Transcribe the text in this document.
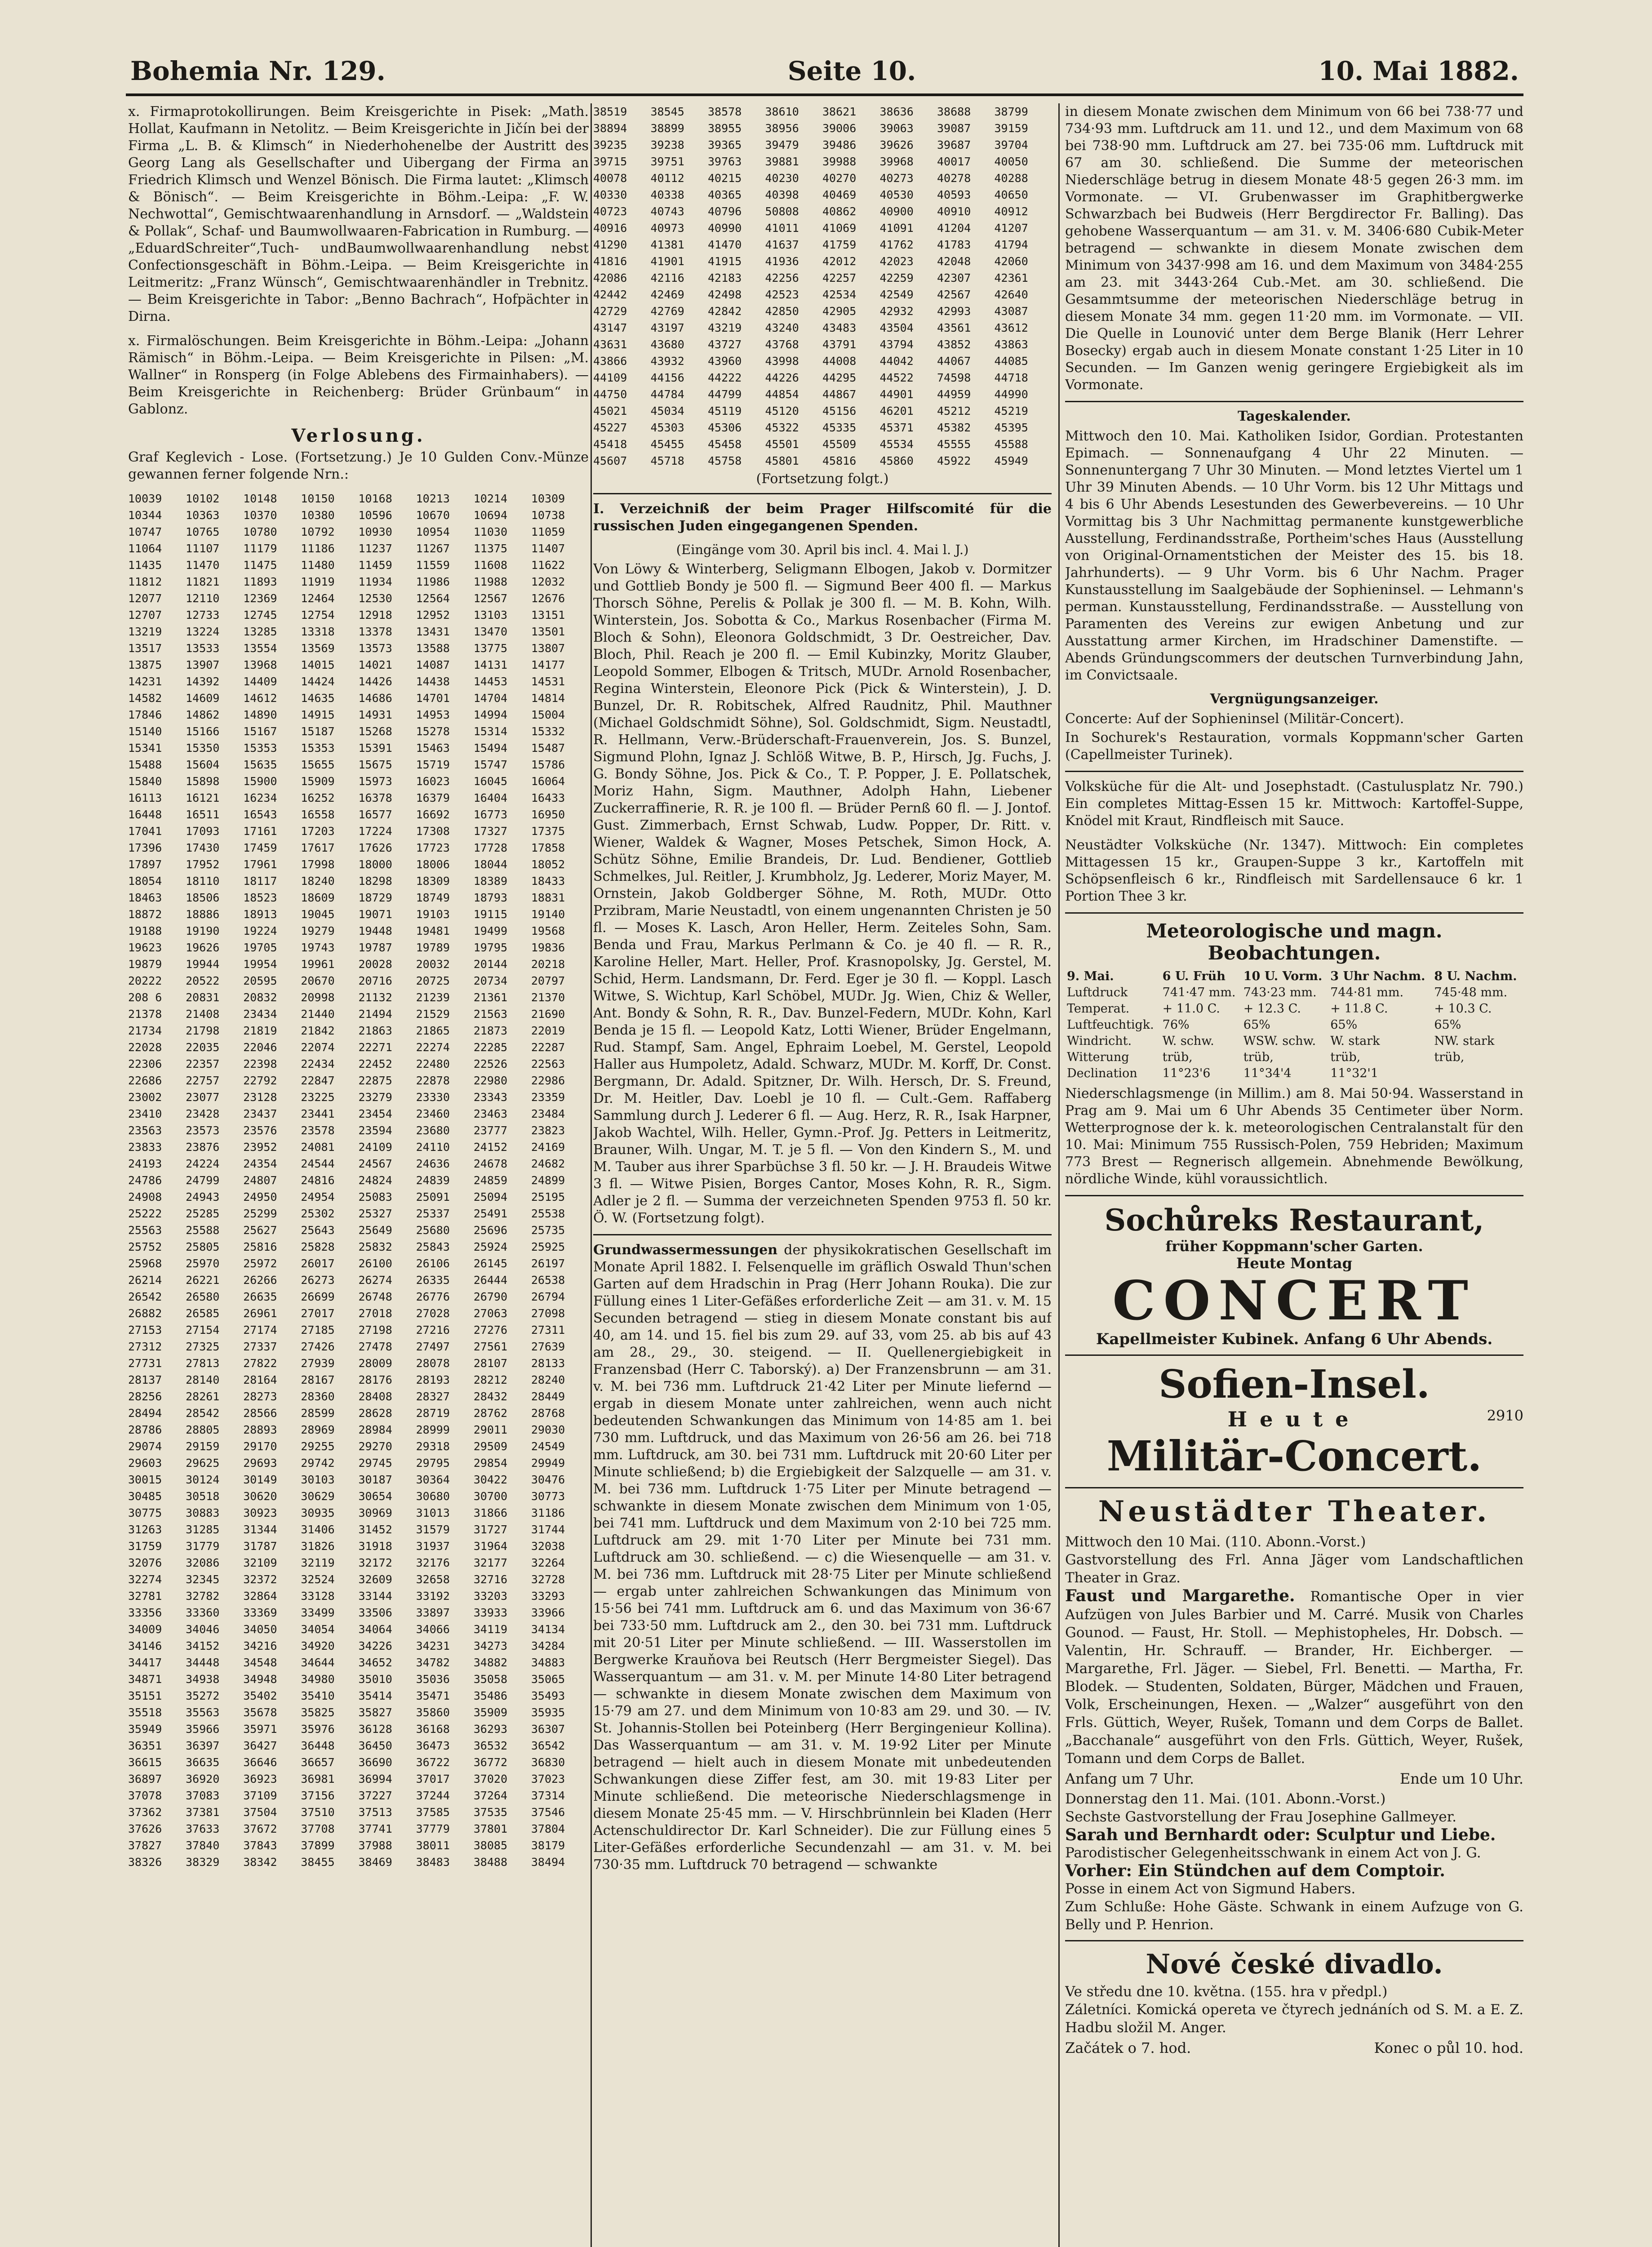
Bohemia Nr. 129.	Seite 10.	10. Mai 1882.

x. Firmaprotokollirungen. Beim Kreisgerichte in Pisek: „Math. Hollat, Kaufmann in Netolitz. — Beim Kreisgerichte in Jičín bei der Firma „L. B. & Klimsch“ in Niederhohenelbe der Austritt des Georg Lang als Gesellschafter und Uibergang der Firma an Friedrich Klimsch und Wenzel Bönisch. Die Firma lautet: „Klimsch & Bönisch“. — Beim Kreisgerichte in Böhm.-Leipa: „F. W. Nechwottal“, Gemischtwaarenhandlung in Arnsdorf. — „Waldstein & Pollak“, Schaf- und Baumwollwaaren-Fabrication in Rumburg. — „EduardSchreiter“,Tuch- undBaumwollwaarenhandlung nebst Confectionsgeschäft in Böhm.-Leipa. — Beim Kreisgerichte in Leitmeritz: „Franz Wünsch“, Gemischtwaarenhändler in Trebnitz. — Beim Kreisgerichte in Tabor: „Benno Bachrach“, Hofpächter in Dirna.

x. Firmalöschungen. Beim Kreisgerichte in Böhm.-Leipa: „Johann Rämisch“ in Böhm.-Leipa. — Beim Kreisgerichte in Pilsen: „M. Wallner“ in Ronsperg (in Folge Ablebens des Firmainhabers). — Beim Kreisgerichte in Reichenberg: Brüder Grünbaum“ in Gablonz.

Verlosung.

Graf Keglevich - Lose. (Fortsetzung.) Je 10 Gulden Conv.-Münze gewannen ferner folgende Nrn.:

10039	10102	10148	10150	10168	10213	10214	10309
10344	10363	10370	10380	10596	10670	10694	10738
10747	10765	10780	10792	10930	10954	11030	11059
11064	11107	11179	11186	11237	11267	11375	11407
11435	11470	11475	11480	11459	11559	11608	11622
11812	11821	11893	11919	11934	11986	11988	12032
12077	12110	12369	12464	12530	12564	12567	12676
12707	12733	12745	12754	12918	12952	13103	13151
13219	13224	13285	13318	13378	13431	13470	13501
13517	13533	13554	13569	13573	13588	13775	13807
13875	13907	13968	14015	14021	14087	14131	14177
14231	14392	14409	14424	14426	14438	14453	14531
14582	14609	14612	14635	14686	14701	14704	14814
17846	14862	14890	14915	14931	14953	14994	15004
15140	15166	15167	15187	15268	15278	15314	15332
15341	15350	15353	15353	15391	15463	15494	15487
15488	15604	15635	15655	15675	15719	15747	15786
15840	15898	15900	15909	15973	16023	16045	16064
16113	16121	16234	16252	16378	16379	16404	16433
16448	16511	16543	16558	16577	16692	16773	16950
17041	17093	17161	17203	17224	17308	17327	17375
17396	17430	17459	17617	17626	17723	17728	17858
17897	17952	17961	17998	18000	18006	18044	18052
18054	18110	18117	18240	18298	18309	18389	18433
18463	18506	18523	18609	18729	18749	18793	18831
18872	18886	18913	19045	19071	19103	19115	19140
19188	19190	19224	19279	19448	19481	19499	19568
19623	19626	19705	19743	19787	19789	19795	19836
19879	19944	19954	19961	20028	20032	20144	20218
20222	20522	20595	20670	20716	20725	20734	20797
208 6	20831	20832	20998	21132	21239	21361	21370
21378	21408	23434	21440	21494	21529	21563	21690
21734	21798	21819	21842	21863	21865	21873	22019
22028	22035	22046	22074	22271	22274	22285	22287
22306	22357	22398	22434	22452	22480	22526	22563
22686	22757	22792	22847	22875	22878	22980	22986
23002	23077	23128	23225	23279	23330	23343	23359
23410	23428	23437	23441	23454	23460	23463	23484
23563	23573	23576	23578	23594	23680	23777	23823
23833	23876	23952	24081	24109	24110	24152	24169
24193	24224	24354	24544	24567	24636	24678	24682
24786	24799	24807	24816	24824	24839	24859	24899
24908	24943	24950	24954	25083	25091	25094	25195
25222	25285	25299	25302	25327	25337	25491	25538
25563	25588	25627	25643	25649	25680	25696	25735
25752	25805	25816	25828	25832	25843	25924	25925
25968	25970	25972	26017	26100	26106	26145	26197
26214	26221	26266	26273	26274	26335	26444	26538
26542	26580	26635	26699	26748	26776	26790	26794
26882	26585	26961	27017	27018	27028	27063	27098
27153	27154	27174	27185	27198	27216	27276	27311
27312	27325	27337	27426	27478	27497	27561	27639
27731	27813	27822	27939	28009	28078	28107	28133
28137	28140	28164	28167	28176	28193	28212	28240
28256	28261	28273	28360	28408	28327	28432	28449
28494	28542	28566	28599	28628	28719	28762	28768
28786	28805	28893	28969	28984	28999	29011	29030
29074	29159	29170	29255	29270	29318	29509	24549
29603	29625	29693	29742	29745	29795	29854	29949
30015	30124	30149	30103	30187	30364	30422	30476
30485	30518	30620	30629	30654	30680	30700	30773
30775	30883	30923	30935	30969	31013	31866	31186
31263	31285	31344	31406	31452	31579	31727	31744
31759	31779	31787	31826	31918	31937	31964	32038
32076	32086	32109	32119	32172	32176	32177	32264
32274	32345	32372	32524	32609	32658	32716	32728
32781	32782	32864	33128	33144	33192	33203	33293
33356	33360	33369	33499	33506	33897	33933	33966
34009	34046	34050	34054	34064	34066	34119	34134
34146	34152	34216	34920	34226	34231	34273	34284
34417	34448	34548	34644	34652	34782	34882	34883
34871	34938	34948	34980	35010	35036	35058	35065
35151	35272	35402	35410	35414	35471	35486	35493
35518	35563	35678	35825	35827	35860	35909	35935
35949	35966	35971	35976	36128	36168	36293	36307
36351	36397	36427	36448	36450	36473	36532	36542
36615	36635	36646	36657	36690	36722	36772	36830
36897	36920	36923	36981	36994	37017	37020	37023
37078	37083	37109	37156	37227	37244	37264	37314
37362	37381	37504	37510	37513	37585	37535	37546
37626	37633	37672	37708	37741	37779	37801	37804
37827	37840	37843	37899	37988	38011	38085	38179
38326	38329	38342	38455	38469	38483	38488	38494
38519	38545	38578	38610	38621	38636	38688	38799
38894	38899	38955	38956	39006	39063	39087	39159
39235	39238	39365	39479	39486	39626	39687	39704
39715	39751	39763	39881	39988	39968	40017	40050
40078	40112	40215	40230	40270	40273	40278	40288
40330	40338	40365	40398	40469	40530	40593	40650
40723	40743	40796	50808	40862	40900	40910	40912
40916	40973	40990	41011	41069	41091	41204	41207
41290	41381	41470	41637	41759	41762	41783	41794
41816	41901	41915	41936	42012	42023	42048	42060
42086	42116	42183	42256	42257	42259	42307	42361
42442	42469	42498	42523	42534	42549	42567	42640
42729	42769	42842	42850	42905	42932	42993	43087
43147	43197	43219	43240	43483	43504	43561	43612
43631	43680	43727	43768	43791	43794	43852	43863
43866	43932	43960	43998	44008	44042	44067	44085
44109	44156	44222	44226	44295	44522	74598	44718
44750	44784	44799	44854	44867	44901	44959	44990
45021	45034	45119	45120	45156	46201	45212	45219
45227	45303	45306	45322	45335	45371	45382	45395
45418	45455	45458	45501	45509	45534	45555	45588
45607	45718	45758	45801	45816	45860	45922	45949
(Fortsetzung folgt.)

I. Verzeichniß der beim Prager Hilfscomité für die russischen Juden eingegangenen Spenden.

(Eingänge vom 30. April bis incl. 4. Mai l. J.)

Von Löwy & Winterberg, Seligmann Elbogen, Jakob v. Dormitzer und Gottlieb Bondy je 500 fl. — Sigmund Beer 400 fl. — Markus Thorsch Söhne, Perelis & Pollak je 300 fl. — M. B. Kohn, Wilh. Winterstein, Jos. Sobotta & Co., Markus Rosenbacher (Firma M. Bloch & Sohn), Eleonora Goldschmidt, 3 Dr. Oestreicher, Dav. Bloch, Phil. Reach je 200 fl. — Emil Kubinzky, Moritz Glauber, Leopold Sommer, Elbogen & Tritsch, MUDr. Arnold Rosenbacher, Regina Winterstein, Eleonore Pick (Pick & Winterstein), J. D. Bunzel, Dr. R. Robitschek, Alfred Raudnitz, Phil. Mauthner (Michael Goldschmidt Söhne), Sol. Goldschmidt, Sigm. Neustadtl, R. Hellmann, Verw.-Brüderschaft-Frauenverein, Jos. S. Bunzel, Sigmund Plohn, Ignaz J. Schlöß Witwe, B. P., Hirsch, Jg. Fuchs, J. G. Bondy Söhne, Jos. Pick & Co., T. P. Popper, J. E. Pollatschek, Moriz Hahn, Sigm. Mauthner, Adolph Hahn, Liebener Zuckerraffinerie, R. R. je 100 fl. — Brüder Pernß 60 fl. — J. Jontof. Gust. Zimmerbach, Ernst Schwab, Ludw. Popper, Dr. Ritt. v. Wiener, Waldek & Wagner, Moses Petschek, Simon Hock, A. Schütz Söhne, Emilie Brandeis, Dr. Lud. Bendiener, Gottlieb Schmelkes, Jul. Reitler, J. Krumbholz, Jg. Lederer, Moriz Mayer, M. Ornstein, Jakob Goldberger Söhne, M. Roth, MUDr. Otto Przibram, Marie Neustadtl, von einem ungenannten Christen je 50 fl. — Moses K. Lasch, Aron Heller, Herm. Zeiteles Sohn, Sam. Benda und Frau, Markus Perlmann & Co. je 40 fl. — R. R., Karoline Heller, Mart. Heller, Prof. Krasnopolsky, Jg. Gerstel, M. Schid, Herm. Landsmann, Dr. Ferd. Eger je 30 fl. — Koppl. Lasch Witwe, S. Wichtup, Karl Schöbel, MUDr. Jg. Wien, Chiz & Weller, Ant. Bondy & Sohn, R. R., Dav. Bunzel-Federn, MUDr. Kohn, Karl Benda je 15 fl. — Leopold Katz, Lotti Wiener, Brüder Engelmann, Rud. Stampf, Sam. Angel, Ephraim Loebel, M. Gerstel, Leopold Haller aus Humpoletz, Adald. Schwarz, MUDr. M. Korff, Dr. Const. Bergmann, Dr. Adald. Spitzner, Dr. Wilh. Hersch, Dr. S. Freund, Dr. M. Heitler, Dav. Loebl je 10 fl. — Cult.-Gem. Raffaberg Sammlung durch J. Lederer 6 fl. — Aug. Herz, R. R., Isak Harpner, Jakob Wachtel, Wilh. Heller, Gymn.-Prof. Jg. Petters in Leitmeritz, Brauner, Wilh. Ungar, M. T. je 5 fl. — Von den Kindern S., M. und M. Tauber aus ihrer Sparbüchse 3 fl. 50 kr. — J. H. Braudeis Witwe 3 fl. — Witwe Pisien, Borges Cantor, Moses Kohn, R. R., Sigm. Adler je 2 fl. — Summa der verzeichneten Spenden 9753 fl. 50 kr. Ö. W. (Fortsetzung folgt).

Grundwassermessungen der physikokratischen Gesellschaft im Monate April 1882. I. Felsenquelle im gräflich Oswald Thun'schen Garten auf dem Hradschin in Prag (Herr Johann Rouka). Die zur Füllung eines 1 Liter-Gefäßes erforderliche Zeit — am 31. v. M. 15 Secunden betragend — stieg in diesem Monate constant bis auf 40, am 14. und 15. fiel bis zum 29. auf 33, vom 25. ab bis auf 43 am 28., 29., 30. steigend. — II. Quellenergiebigkeit in Franzensbad (Herr C. Taborský). a) Der Franzensbrunn — am 31. v. M. bei 736 mm. Luftdruck 21·42 Liter per Minute liefernd — ergab in diesem Monate unter zahlreichen, wenn auch nicht bedeutenden Schwankungen das Minimum von 14·85 am 1. bei 730 mm. Luftdruck, und das Maximum von 26·56 am 26. bei 718 mm. Luftdruck, am 30. bei 731 mm. Luftdruck mit 20·60 Liter per Minute schließend; b) die Ergiebigkeit der Salzquelle — am 31. v. M. bei 736 mm. Luftdruck 1·75 Liter per Minute betragend — schwankte in diesem Monate zwischen dem Minimum von 1·05, bei 741 mm. Luftdruck und dem Maximum von 2·10 bei 725 mm. Luftdruck am 29. mit 1·70 Liter per Minute bei 731 mm. Luftdruck am 30. schließend. — c) die Wiesenquelle — am 31. v. M. bei 736 mm. Luftdruck mit 28·75 Liter per Minute schließend — ergab unter zahlreichen Schwankungen das Minimum von 15·56 bei 741 mm. Luftdruck am 6. und das Maximum von 36·67 bei 733·50 mm. Luftdruck am 2., den 30. bei 731 mm. Luftdruck mit 20·51 Liter per Minute schließend. — III. Wasserstollen im Bergwerke Krauňova bei Reutsch (Herr Bergmeister Siegel). Das Wasserquantum — am 31. v. M. per Minute 14·80 Liter betragend — schwankte in diesem Monate zwischen dem Maximum von 15·79 am 27. und dem Minimum von 10·83 am 29. und 30. — IV. St. Johannis-Stollen bei Poteinberg (Herr Bergingenieur Kollina). Das Wasserquantum — am 31. v. M. 19·92 Liter per Minute betragend — hielt auch in diesem Monate mit unbedeutenden Schwankungen diese Ziffer fest, am 30. mit 19·83 Liter per Minute schließend. Die meteorische Niederschlagsmenge in diesem Monate 25·45 mm. — V. Hirschbrünnlein bei Kladen (Herr Actenschuldirector Dr. Karl Schneider). Die zur Füllung eines 5 Liter-Gefäßes erforderliche Secundenzahl — am 31. v. M. bei 730·35 mm. Luftdruck 70 betragend — schwankte

in diesem Monate zwischen dem Minimum von 66 bei 738·77 und 734·93 mm. Luftdruck am 11. und 12., und dem Maximum von 68 bei 738·90 mm. Luftdruck am 27. bei 735·06 mm. Luftdruck mit 67 am 30. schließend. Die Summe der meteorischen Niederschläge betrug in diesem Monate 48·5 gegen 26·3 mm. im Vormonate. — VI. Grubenwasser im Graphitbergwerke Schwarzbach bei Budweis (Herr Bergdirector Fr. Balling). Das gehobene Wasserquantum — am 31. v. M. 3406·680 Cubik-Meter betragend — schwankte in diesem Monate zwischen dem Minimum von 3437·998 am 16. und dem Maximum von 3484·255 am 23. mit 3443·264 Cub.-Met. am 30. schließend. Die Gesammtsumme der meteorischen Niederschläge betrug in diesem Monate 34 mm. gegen 11·20 mm. im Vormonate. — VII. Die Quelle in Lounović unter dem Berge Blanik (Herr Lehrer Bosecky) ergab auch in diesem Monate constant 1·25 Liter in 10 Secunden. — Im Ganzen wenig geringere Ergiebigkeit als im Vormonate.

Tageskalender.

Mittwoch den 10. Mai. Katholiken Isidor, Gordian. Protestanten Epimach. — Sonnenaufgang 4 Uhr 22 Minuten. — Sonnenuntergang 7 Uhr 30 Minuten. — Mond letztes Viertel um 1 Uhr 39 Minuten Abends. — 10 Uhr Vorm. bis 12 Uhr Mittags und 4 bis 6 Uhr Abends Lesestunden des Gewerbevereins. — 10 Uhr Vormittag bis 3 Uhr Nachmittag permanente kunstgewerbliche Ausstellung, Ferdinandsstraße, Portheim'sches Haus (Ausstellung von Original-Ornamentstichen der Meister des 15. bis 18. Jahrhunderts). — 9 Uhr Vorm. bis 6 Uhr Nachm. Prager Kunstausstellung im Saalgebäude der Sophieninsel. — Lehmann's perman. Kunstausstellung, Ferdinandsstraße. — Ausstellung von Paramenten des Vereins zur ewigen Anbetung und zur Ausstattung armer Kirchen, im Hradschiner Damenstifte. — Abends Gründungscommers der deutschen Turnverbindung Jahn, im Convictsaale.

Vergnügungsanzeiger.

Concerte: Auf der Sophieninsel (Militär-Concert).

In Sochurek's Restauration, vormals Koppmann'scher Garten (Capellmeister Turinek).

Volksküche für die Alt- und Josephstadt. (Castulusplatz Nr. 790.) Ein completes Mittag-Essen 15 kr. Mittwoch: Kartoffel-Suppe, Knödel mit Kraut, Rindfleisch mit Sauce.

Neustädter Volksküche (Nr. 1347). Mittwoch: Ein completes Mittagessen 15 kr., Graupen-Suppe 3 kr., Kartoffeln mit Schöpsenfleisch 6 kr., Rindfleisch mit Sardellensauce 6 kr. 1 Portion Thee 3 kr.

Meteorologische und magn. Beobachtungen.
9. Mai.	6 U. Früh	10 U. Vorm.	3 Uhr Nachm.	8 U. Nachm.
Luftdruck	741·47 mm.	743·23 mm.	744·81 mm.	745·48 mm.
Temperat.	+ 11.0 C.	+ 12.3 C.	+ 11.8 C.	+ 10.3 C.
Luftfeuchtigk.	76%	65%	65%	65%
Windricht.	W. schw.	WSW. schw.	W. stark	NW. stark
Witterung	trüb,	trüb,	trüb,	trüb,
Declination	11°23'6	11°34'4	11°32'1	

Niederschlagsmenge (in Millim.) am 8. Mai 50·94. Wasserstand in Prag am 9. Mai um 6 Uhr Abends 35 Centimeter über Norm. Wetterprognose der k. k. meteorologischen Centralanstalt für den 10. Mai: Minimum 755 Russisch-Polen, 759 Hebriden; Maximum 773 Brest — Regnerisch allgemein. Abnehmende Bewölkung, nördliche Winde, kühl voraussichtlich.

Sochůreks Restaurant,
früher Koppmann'scher Garten.
Heute Montag
CONCERT
Kapellmeister Kubinek. Anfang 6 Uhr Abends.
Sofien-Insel.
Heute	2910
Militär-Concert.
Neustädter Theater.

Mittwoch den 10 Mai. (110. Abonn.-Vorst.)

Gastvorstellung des Frl. Anna Jäger vom Landschaftlichen Theater in Graz.

Faust und Margarethe. Romantische Oper in vier Aufzügen von Jules Barbier und M. Carré. Musik von Charles Gounod. — Faust, Hr. Stoll. — Mephistopheles, Hr. Dobsch. — Valentin, Hr. Schrauff. — Brander, Hr. Eichberger. — Margarethe, Frl. Jäger. — Siebel, Frl. Benetti. — Martha, Fr. Blodek. — Studenten, Soldaten, Bürger, Mädchen und Frauen, Volk, Erscheinungen, Hexen. — „Walzer“ ausgeführt von den Frls. Güttich, Weyer, Rušek, Tomann und dem Corps de Ballet. „Bacchanale“ ausgeführt von den Frls. Güttich, Weyer, Rušek, Tomann und dem Corps de Ballet.

Anfang um 7 Uhr.	Ende um 10 Uhr.

Donnerstag den 11. Mai. (101. Abonn.-Vorst.)

Sechste Gastvorstellung der Frau Josephine Gallmeyer.

Sarah und Bernhardt oder: Sculptur und Liebe.

Parodistischer Gelegenheitsschwank in einem Act von J. G.

Vorher: Ein Stündchen auf dem Comptoir.

Posse in einem Act von Sigmund Habers.

Zum Schluße: Hohe Gäste. Schwank in einem Aufzuge von G. Belly und P. Henrion.

Nové české divadlo.

Ve středu dne 10. května. (155. hra v předpl.)

Záletníci. Komická opereta ve čtyrech jednáních od S. M. a E. Z. Hadbu složil M. Anger.

Začátek o 7. hod.	Konec o půl 10. hod.
